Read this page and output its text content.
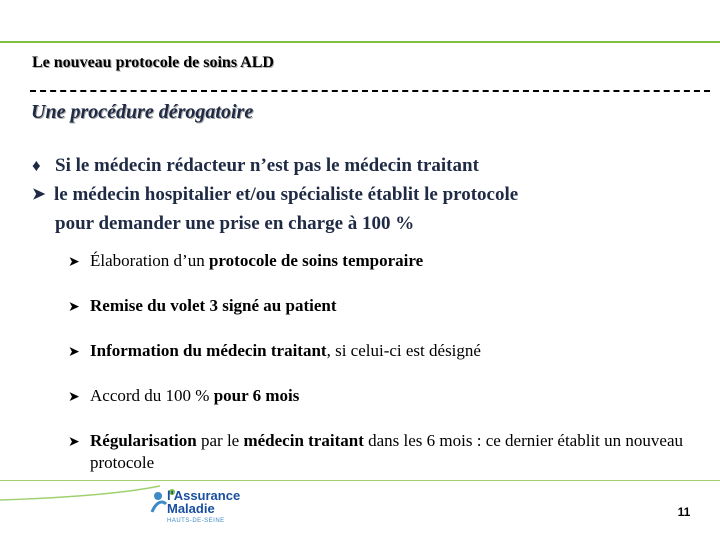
Le nouveau protocole de soins ALD
Une procédure dérogatoire
♦ Si le médecin rédacteur n’est pas le médecin traitant
➤ le médecin hospitalier et/ou spécialiste établit le protocole
pour demander une prise en charge à 100 %
➤ Élaboration d’un protocole de soins temporaire
➤ Remise du volet 3 signé au patient
➤ Information du médecin traitant, si celui-ci est désigné
➤ Accord du 100 % pour 6 mois
➤ Régularisation par le médecin traitant dans les 6 mois : ce dernier établit un nouveau protocole
l'Assurance
Maladie
HAUTS-DE-SEINE
11
